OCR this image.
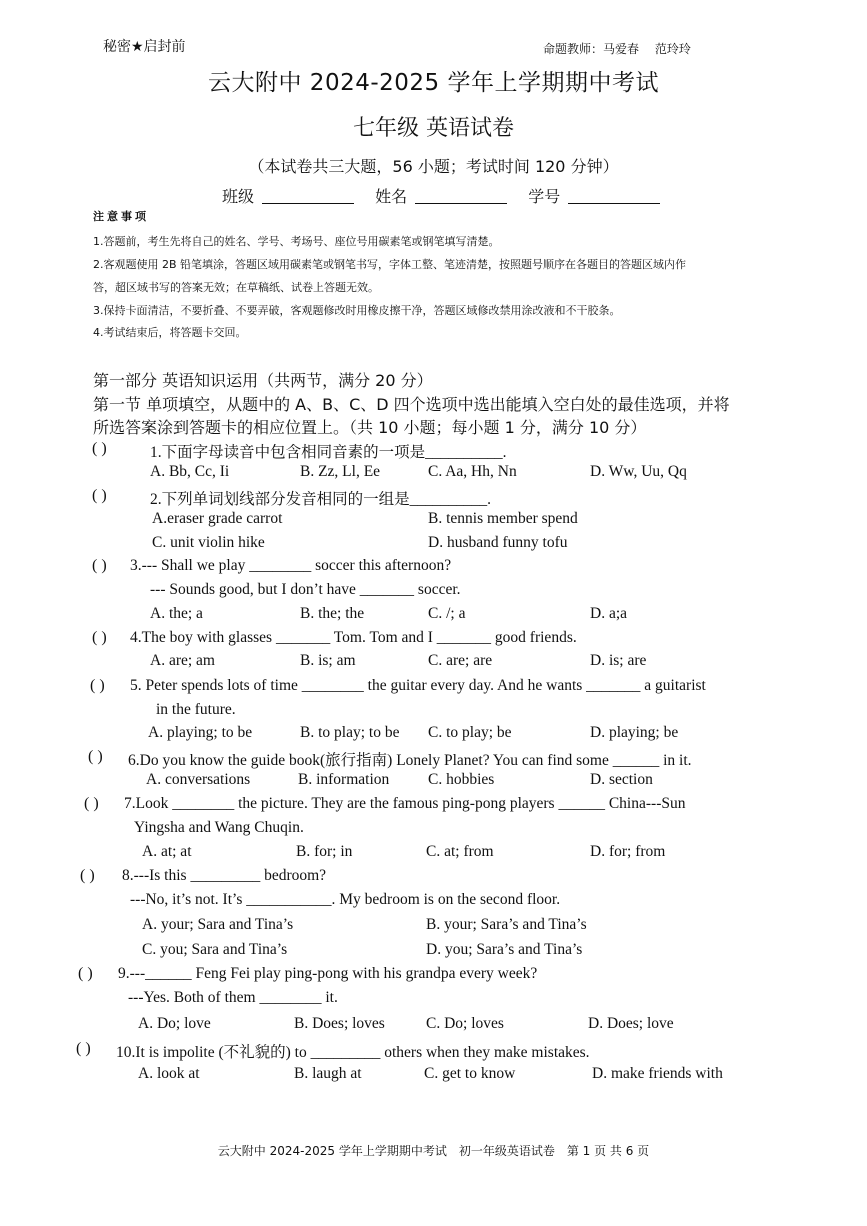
秘密★启封前	命题教师：马爱春　 范玲玲
云大附中 2024-2025 学年上学期期中考试
七年级 英语试卷
（本试卷共三大题，56 小题；考试时间 120 分钟）
班级	姓名	学号
注意事项
1.答题前，考生先将自己的姓名、学号、考场号、座位号用碳素笔或钢笔填写清楚。
2.客观题使用 2B 铅笔填涂，答题区域用碳素笔或钢笔书写，字体工整、笔迹清楚，按照题号顺序在各题目的答题区域内作
答，超区域书写的答案无效；在草稿纸、试卷上答题无效。
3.保持卡面清洁，不要折叠、不要弄破，客观题修改时用橡皮擦干净，答题区域修改禁用涂改液和不干胶条。
4.考试结束后，将答题卡交回。
第一部分 英语知识运用（共两节，满分 20 分）
第一节 单项填空，从题中的 A、B、C、D 四个选项中选出能填入空白处的最佳选项，并将
所选答案涂到答题卡的相应位置上。（共 10 小题；每小题 1 分，满分 10 分）
( )	1.下面字母读音中包含相同音素的一项是__________.
A. Bb, Cc, Ii	B. Zz, Ll, Ee	C. Aa, Hh, Nn	D. Ww, Uu, Qq
( )	2.下列单词划线部分发音相同的一组是__________.
A.eraser grade carrot	B. tennis member spend
C. unit violin hike	D. husband funny tofu
( ) 3.--- Shall we play ________ soccer this afternoon?
--- Sounds good, but I don’t have _______ soccer.
A. the; a	B. the; the	C. /; a	D. a;a
( ) 4.The boy with glasses _______ Tom. Tom and I _______ good friends.
A. are; am	B. is; am	C. are; are	D. is; are
( ) 5. Peter spends lots of time ________ the guitar every day. And he wants _______ a guitarist
in the future.
A. playing; to be	B. to play; to be C. to play; be	D. playing; be
( ) 6.Do you know the guide book(旅行指南) Lonely Planet? You can find some ______ in it.
A. conversations	B. information C. hobbies	D. section
( ) 7.Look ________ the picture. They are the famous ping-pong players ______ China---Sun
Yingsha and Wang Chuqin.
A. at; at	B. for; in	C. at; from	D. for; from
( ) 8.---Is this _________ bedroom?
---No, it’s not. It’s ___________. My bedroom is on the second floor.
A. your; Sara and Tina’s	B. your; Sara’s and Tina’s
C. you; Sara and Tina’s	D. you; Sara’s and Tina’s
( ) 9.---______ Feng Fei play ping-pong with his grandpa every week?
---Yes. Both of them ________ it.
A. Do; love	B. Does; loves	C. Do; loves	D. Does; love
( ) 10.It is impolite (不礼貌的) to _________ others when they make mistakes.
A. look at	B. laugh at	C. get to know	D. make friends with
云大附中 2024-2025 学年上学期期中考试　初一年级英语试卷　第 1 页 共 6 页
